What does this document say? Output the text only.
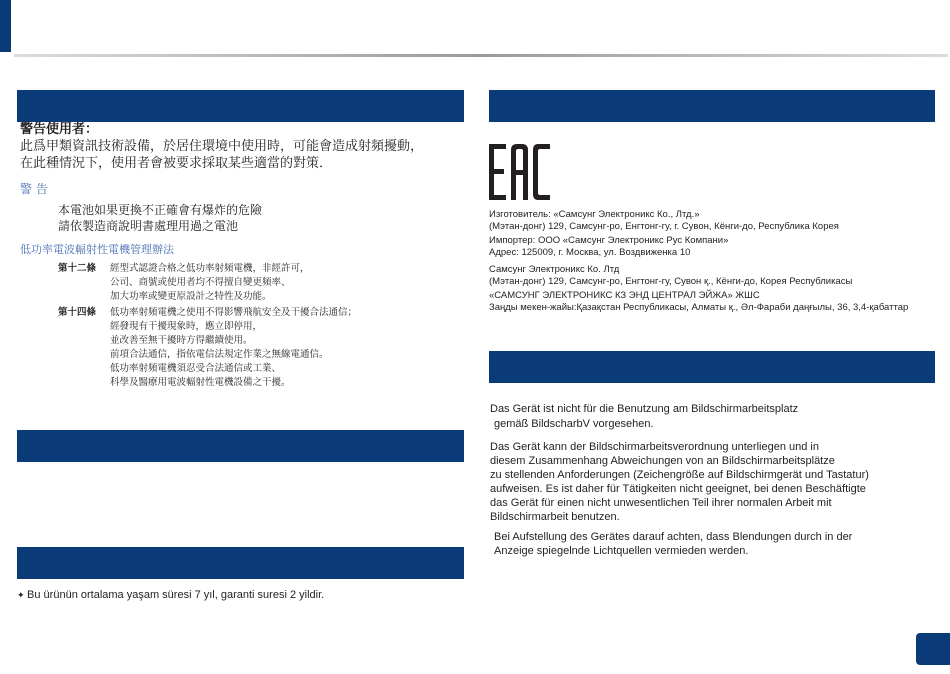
警告使用者：
此爲甲類資訊技術設備，於居住環境中使用時，可能會造成射頻擾動，
在此種情況下，使用者會被要求採取某些適當的對策．
警 告
本電池如果更換不正確會有爆炸的危險
請依製造商說明書處理用過之電池
低功率電波輻射性電機管理辦法
第十二條 經型式認證合格之低功率射頻電機，非經許可，
公司、商號或使用者均不得擅自變更頻率、
加大功率或變更原設計之特性及功能。
第十四條 低功率射頻電機之使用不得影響飛航安全及干擾合法通信；
經發現有干擾現象時，應立即停用，
並改善至無干擾時方得繼續使用。
前項合法通信，指依電信法規定作業之無線電通信。
低功率射頻電機須忍受合法通信或工業、
科學及醫療用電波輻射性電機設備之干擾。
✦ Bu ürünün ortalama yaşam süresi 7 yıl, garanti suresi 2 yildir.
Изготовитель: «Самсунг Электроникс Ко., Лтд.»
(Мэтан-донг) 129, Самсунг-ро, Енгтонг-гу, г. Сувон, Кёнги-до, Республика Корея
Импортер: ООО «Самсунг Электроникс Рус Компани»
Адрес: 125009, г. Москва, ул. Воздвиженка 10
Самсунг Электроникс Ко. Лтд
(Мэтан-донг) 129, Самсунг-ро, Енгтонг-гу, Сувон қ., Кёнги-до, Корея Республикасы
«САМСУНГ ЭЛЕКТРОНИКС КЗ ЭНД ЦЕНТРАЛ ЭЙЖА» ЖШС
Заңды мекен-жайы:Қазақстан Республикасы, Алматы қ., Әл-Фараби даңғылы, 36, 3,4-қабаттар
Das Gerät ist nicht für die Benutzung am Bildschirmarbeitsplatz
gemäß BildscharbV vorgesehen.
Das Gerät kann der Bildschirmarbeitsverordnung unterliegen und in
diesem Zusammenhang Abweichungen von an Bildschirmarbeitsplätze
zu stellenden Anforderungen (Zeichengröße auf Bildschirmgerät und Tastatur)
aufweisen. Es ist daher für Tätigkeiten nicht geeignet, bei denen Beschäftigte
das Gerät für einen nicht unwesentlichen Teil ihrer normalen Arbeit mit
Bildschirmarbeit benutzen.
Bei Aufstellung des Gerätes darauf achten, dass Blendungen durch in der
Anzeige spiegelnde Lichtquellen vermieden werden.
